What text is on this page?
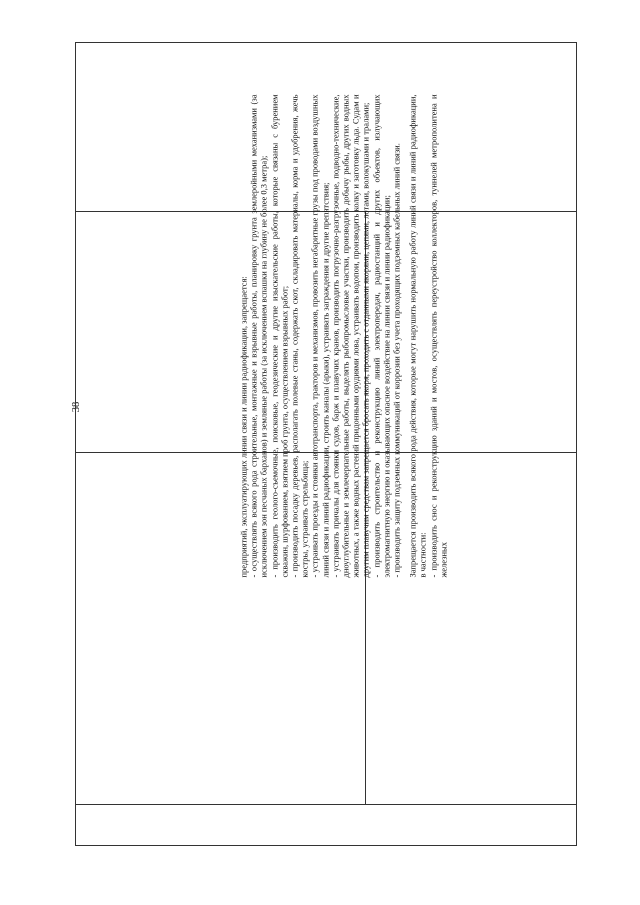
38	предприятий, эксплуатирующих линии связи и линии радиофикации, запрещается: - осуществлять всякого рода строительные, монтажные и взрывные работы, планировку грунта землеройными механизмами (за исключением зон песчаных барханов) и земляные работы (за исключением вспашки на глубину не более 0,3 метра); - производить геолого-съемочные, поисковые, геодезические и другие изыскательские работы, которые связаны с бурением скважин, шурфованием, взятием проб грунта, осуществлением взрывных работ; - производить посадку деревьев, располагать полевые станы, содержать скот, складировать материалы, корма и удобрения, жечь костры, устраивать стрельбища; - устраивать проезды и стоянки автотранспорта, тракторов и механизмов, провозить негабаритные грузы под проводами воздушных линий связи и линий радиофикации, строить каналы (арыки), устраивать заграждения и другие препятствия; - устраивать причалы для стоянки судов, барж и плавучих кранов, производить погрузочно-разгрузочные, подводно-технические, дноуглубительные и землечерпательные работы, выделять рыбопромысловые участки, производить добычу рыбы, других водных животных, а также водных растений придонными орудиями лова, устраивать водопои, производить колку и заготовку льда. Судам и другим плавучим средствам запрещается бросать якоря, проходить с отданными якорями, цепями, лотами, волокушами и тралами; - производить строительство и реконструкцию линий электропередач, радиостанций и других объектов, излучающих электромагнитную энергию и оказывающих опасное воздействие на линии связи и линии радиофикации; - производить защиту подземных коммуникаций от коррозии без учета проходящих подземных кабельных линий связи. Запрещается производить всякого рода действия, которые могут нарушить нормальную работу линий связи и линий радиофикации, в частности: - производить снос и реконструкцию зданий и мостов, осуществлять переустройство коллекторов, туннелей метрополитена и железных
